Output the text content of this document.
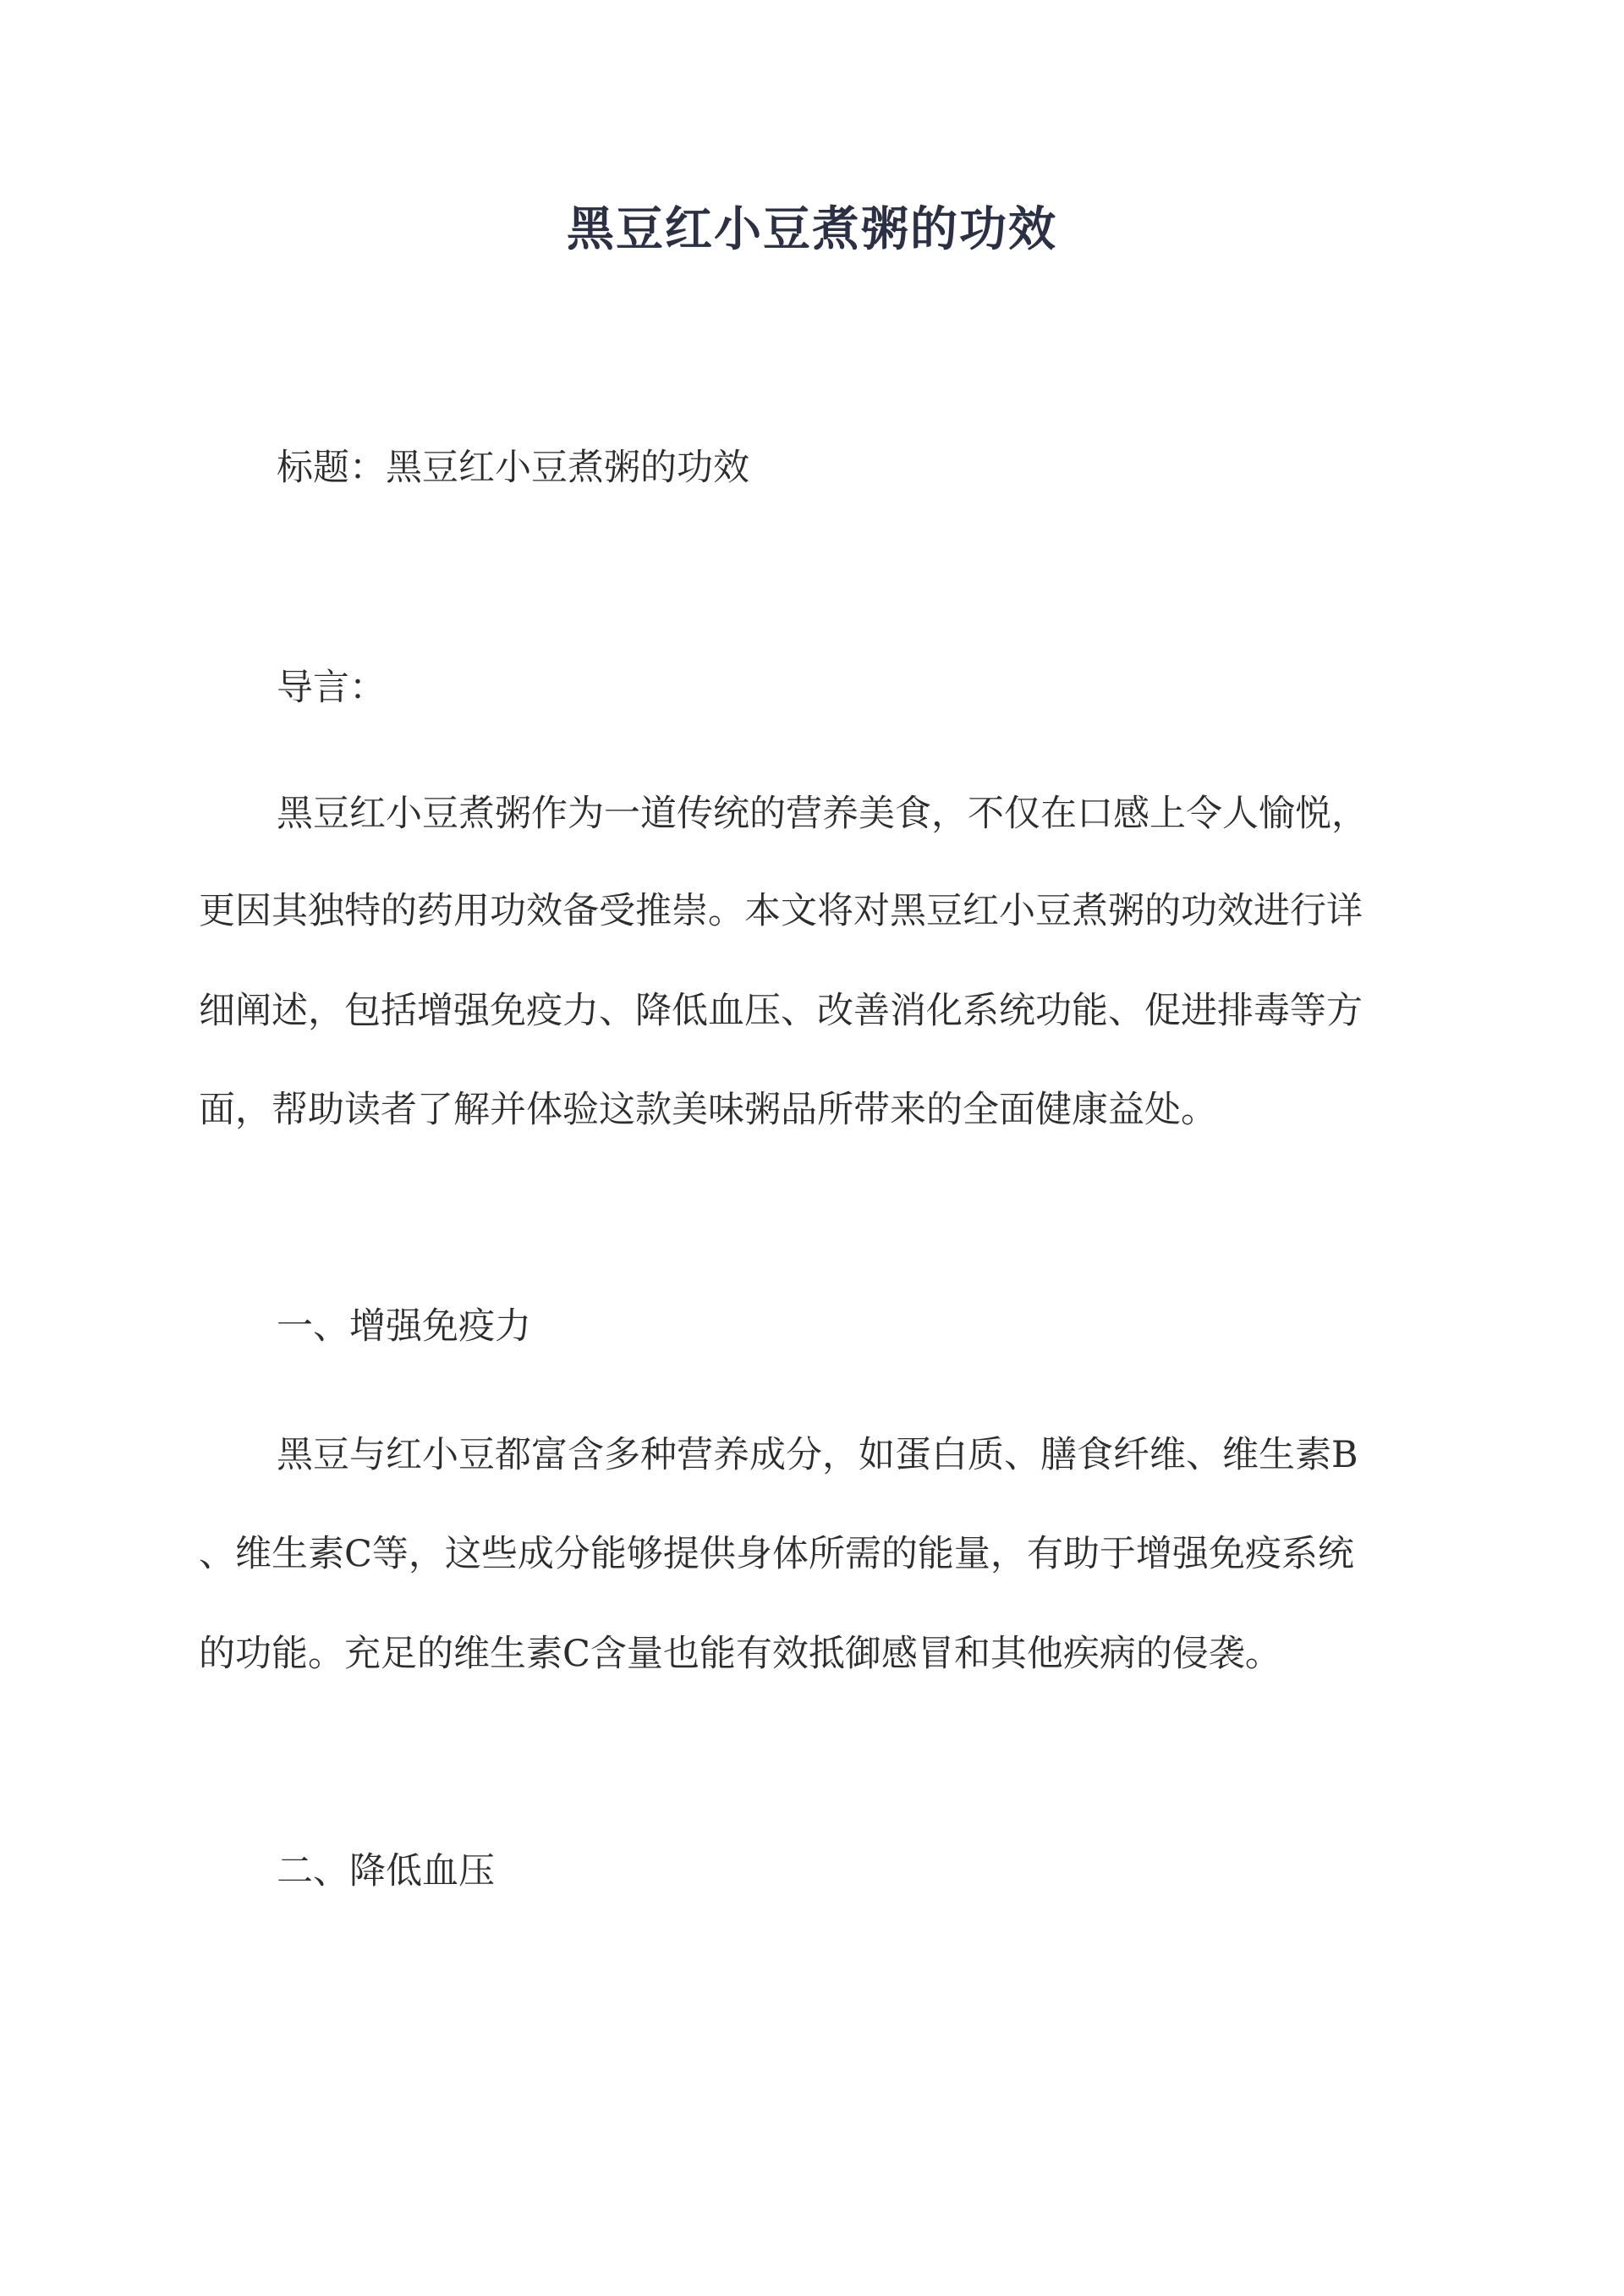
黑豆红小豆煮粥的功效
标题：黑豆红小豆煮粥的功效
导言：
黑豆红小豆煮粥作为一道传统的营养美食，不仅在口感上令人愉悦，
更因其独特的药用功效备受推崇。本文将对黑豆红小豆煮粥的功效进行详
细阐述，包括增强免疫力、降低血压、改善消化系统功能、促进排毒等方
面，帮助读者了解并体验这款美味粥品所带来的全面健康益处。
一、增强免疫力
黑豆与红小豆都富含多种营养成分，如蛋白质、膳食纤维、维生素B
、维生素C等，这些成分能够提供身体所需的能量，有助于增强免疫系统
的功能。充足的维生素C含量也能有效抵御感冒和其他疾病的侵袭。
二、降低血压
